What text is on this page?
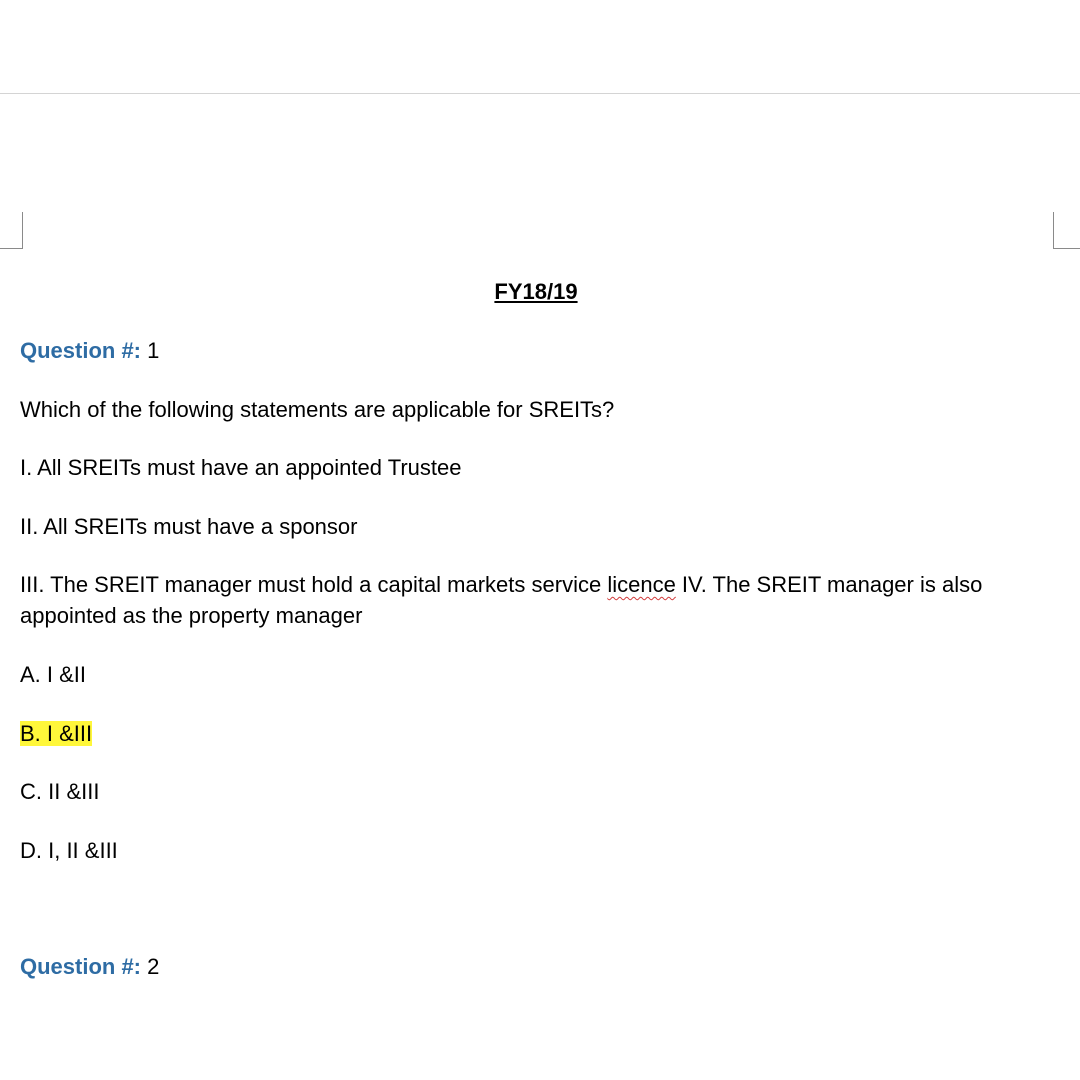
FY18/19
Question #: 1
Which of the following statements are applicable for SREITs?
I. All SREITs must have an appointed Trustee
II. All SREITs must have a sponsor
III. The SREIT manager must hold a capital markets service licence IV. The SREIT manager is also appointed as the property manager
A. I &II
B. I &III
C. II &III
D. I, II &III
Question #: 2
